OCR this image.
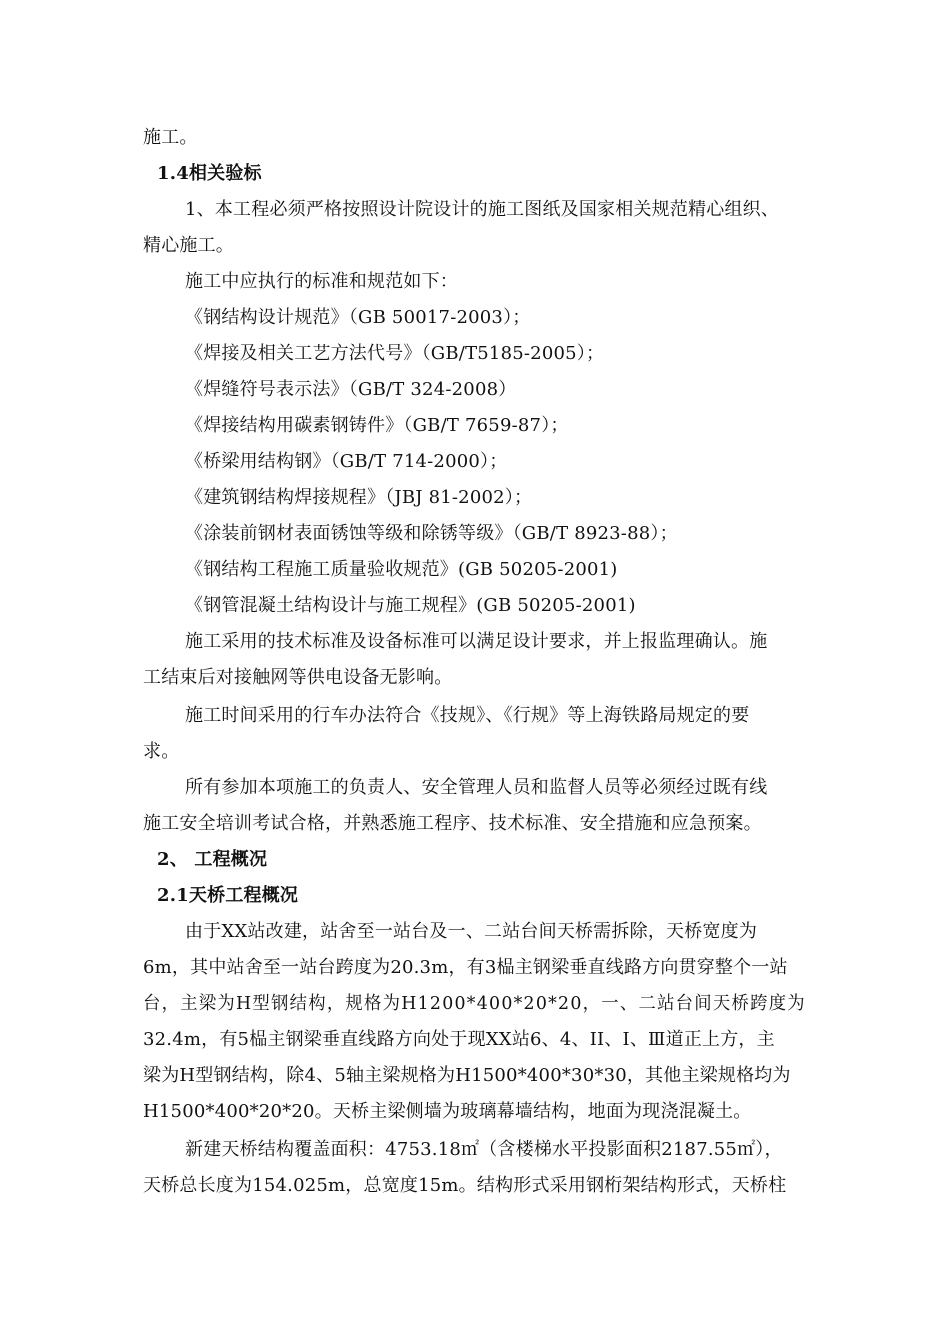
施工。
1.4相关验标
1、本工程必须严格按照设计院设计的施工图纸及国家相关规范精心组织、
精心施工。
施工中应执行的标准和规范如下：
《钢结构设计规范》（GB 50017-2003）；
《焊接及相关工艺方法代号》（GB/T5185-2005）；
《焊缝符号表示法》（GB/T 324-2008）
《焊接结构用碳素钢铸件》（GB/T 7659-87）；
《桥梁用结构钢》（GB/T 714-2000）；
《建筑钢结构焊接规程》（JBJ 81-2002）；
《涂装前钢材表面锈蚀等级和除锈等级》（GB/T 8923-88）；
《钢结构工程施工质量验收规范》(GB 50205-2001)
《钢管混凝土结构设计与施工规程》(GB 50205-2001)
施工采用的技术标准及设备标准可以满足设计要求，并上报监理确认。施
工结束后对接触网等供电设备无影响。
施工时间采用的行车办法符合《技规》、《行规》等上海铁路局规定的要
求。
所有参加本项施工的负责人、安全管理人员和监督人员等必须经过既有线
施工安全培训考试合格，并熟悉施工程序、技术标准、安全措施和应急预案。
2、 工程概况
2.1天桥工程概况
由于XX站改建，站舍至一站台及一、二站台间天桥需拆除，天桥宽度为
6m，其中站舍至一站台跨度为20.3m，有3榀主钢梁垂直线路方向贯穿整个一站
台，主梁为H型钢结构，规格为H1200*400*20*20，一、二站台间天桥跨度为
32.4m，有5榀主钢梁垂直线路方向处于现XX站6、4、II、I、Ⅲ道正上方，主
梁为H型钢结构，除4、5轴主梁规格为H1500*400*30*30，其他主梁规格均为
H1500*400*20*20。天桥主梁侧墙为玻璃幕墙结构，地面为现浇混凝土。
新建天桥结构覆盖面积：4753.18㎡（含楼梯水平投影面积2187.55㎡），
天桥总长度为154.025m，总宽度15m。结构形式采用钢桁架结构形式，天桥柱
